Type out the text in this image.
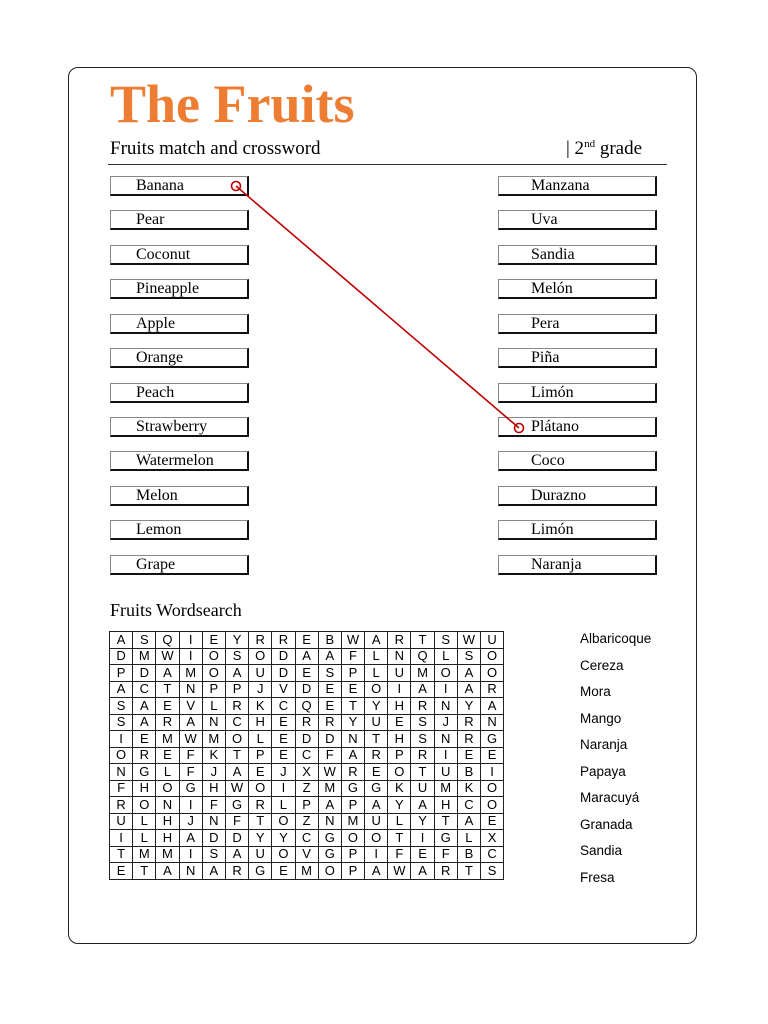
The Fruits
Fruits match and crossword	| 2nd grade
Banana
Pear
Coconut
Pineapple
Apple
Orange
Peach
Strawberry
Watermelon
Melon
Lemon
Grape
Manzana
Uva
Sandia
Melón
Pera
Piña
Limón
Plátano
Coco
Durazno
Limón
Naranja
Fruits Wordsearch
A	S	Q	I	E	Y	R	R	E	B	W	A	R	T	S	W	U
D	M	W	I	O	S	O	D	A	A	F	L	N	Q	L	S	O
P	D	A	M	O	A	U	D	E	S	P	L	U	M	O	A	O
A	C	T	N	P	P	J	V	D	E	E	O	I	A	I	A	R
S	A	E	V	L	R	K	C	Q	E	T	Y	H	R	N	Y	A
S	A	R	A	N	C	H	E	R	R	Y	U	E	S	J	R	N
I	E	M	W	M	O	L	E	D	D	N	T	H	S	N	R	G
O	R	E	F	K	T	P	E	C	F	A	R	P	R	I	E	E
N	G	L	F	J	A	E	J	X	W	R	E	O	T	U	B	I
F	H	O	G	H	W	O	I	Z	M	G	G	K	U	M	K	O
R	O	N	I	F	G	R	L	P	A	P	A	Y	A	H	C	O
U	L	H	J	N	F	T	O	Z	N	M	U	L	Y	T	A	E
I	L	H	A	D	D	Y	Y	C	G	O	O	T	I	G	L	X
T	M	M	I	S	A	U	O	V	G	P	I	F	E	F	B	C
E	T	A	N	A	R	G	E	M	O	P	A	W	A	R	T	S
Albaricoque
Cereza
Mora
Mango
Naranja
Papaya
Maracuyá
Granada
Sandia
Fresa
